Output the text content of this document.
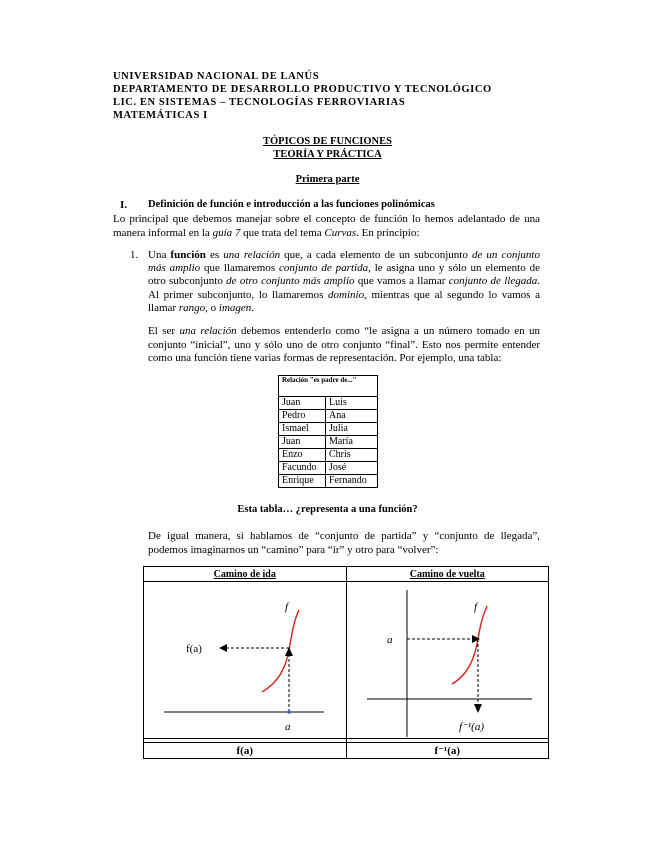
UNIVERSIDAD NACIONAL DE LANÚS
DEPARTAMENTO DE DESARROLLO PRODUCTIVO Y TECNOLÓGICO
LIC. EN SISTEMAS – TECNOLOGÍAS FERROVIARIAS
MATEMÁTICAS I
TÓPICOS DE FUNCIONES
TEORÍA Y PRÁCTICA
Primera parte
I. Definición de función e introducción a las funciones polinómicas

Lo principal que debemos manejar sobre el concepto de función lo hemos adelantado de una manera informal en la guía 7 que trata del tema Curvas. En principio:

1. Una función es una relación que, a cada elemento de un subconjunto de un conjunto más amplio que llamaremos conjunto de partida, le asigna uno y sólo un elemento de otro subconjunto de otro conjunto más amplio que vamos a llamar conjunto de llegada. Al primer subconjunto, lo llamaremos dominio, mientras que al segundo lo vamos a llamar rango, o imagen.

El ser una relación debemos entenderlo como “le asigna a un número tomado en un conjunto “inicial”, uno y sólo uno de otro conjunto “final”. Esto nos permite entender como una función tiene varias formas de representación. Por ejemplo, una tabla:

Relación "es padre de..."	
Juan	Luis
Pedro	Ana
Ismael	Julia
Juan	María
Enzo	Chris
Facundo	José
Enrique	Fernando
Esta tabla… ¿representa a una función?

De igual manera, si hablamos de “conjunto de partida” y “conjunto de llegada”, podemos imaginarnos un “camino” para “ir” y otro para “volver”:

Camino de ida	Camino de vuelta

f
f(a)
a	f
a
f⁻¹(a)

f(a)	f⁻¹(a)
